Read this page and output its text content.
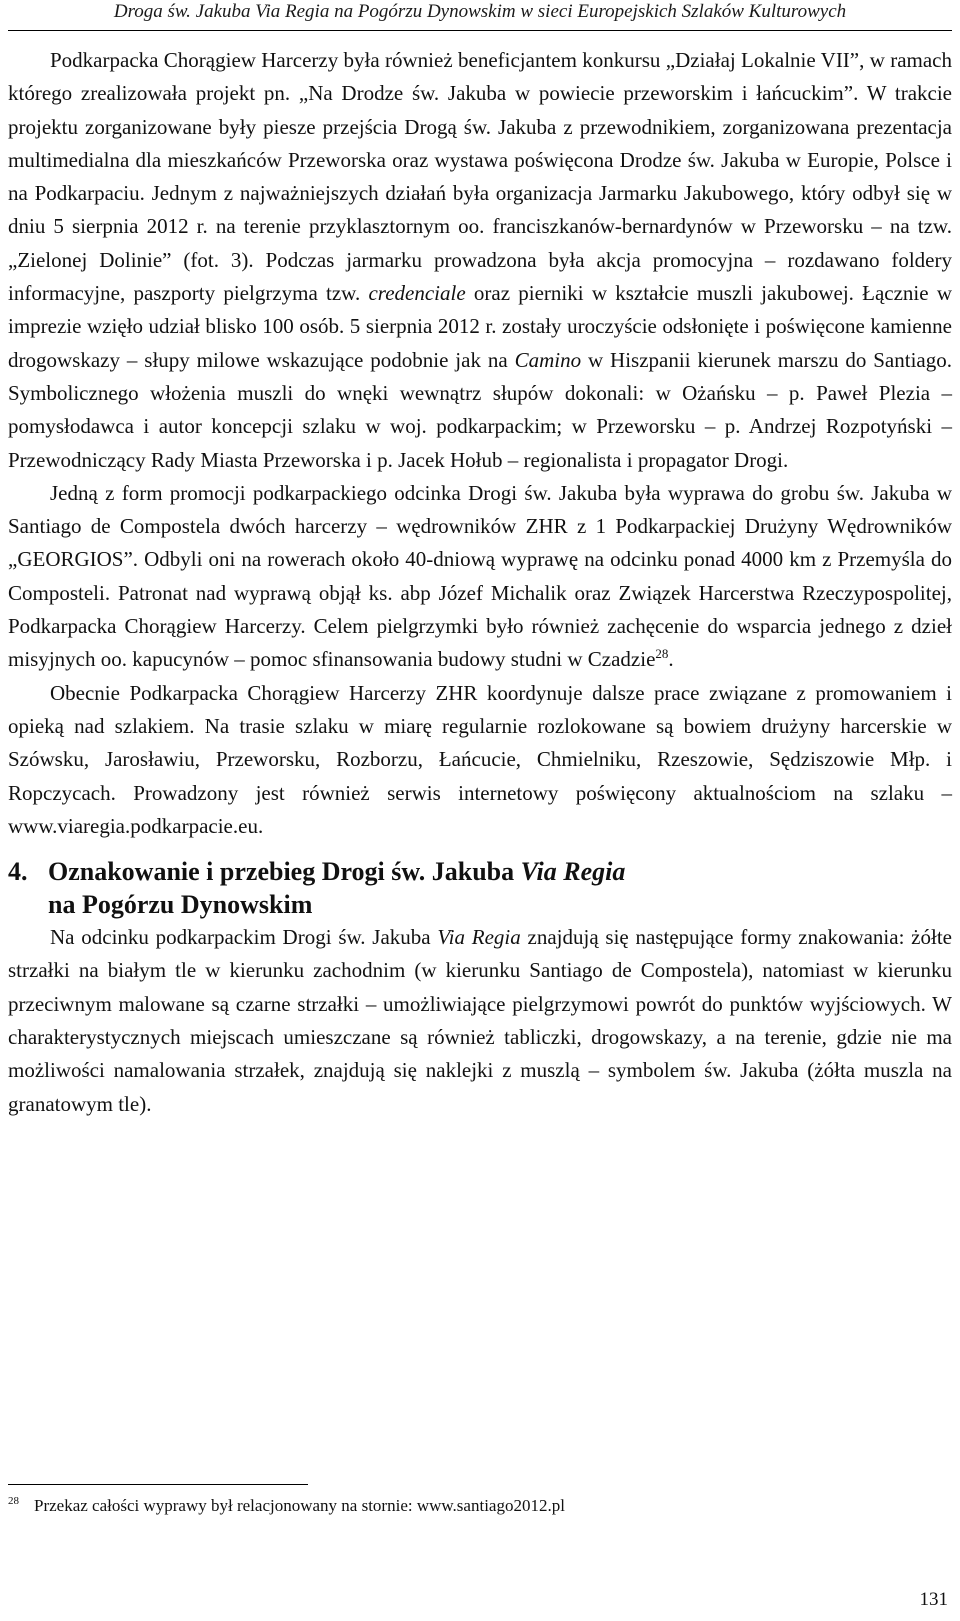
Droga św. Jakuba Via Regia na Pogórzu Dynowskim w sieci Europejskich Szlaków Kulturowych

Podkarpacka Chorągiew Harcerzy była również beneficjantem konkursu „Działaj Lokalnie VII”, w ramach którego zrealizowała projekt pn. „Na Drodze św. Jakuba w powiecie przeworskim i łańcuckim”. W trakcie projektu zorganizowane były piesze przejścia Drogą św. Jakuba z przewodnikiem, zorganizowana prezentacja multimedialna dla mieszkańców Przeworska oraz wystawa poświęcona Drodze św. Jakuba w Europie, Polsce i na Podkarpaciu. Jednym z najważniejszych działań była organizacja Jarmarku Jakubowego, który odbył się w dniu 5 sierpnia 2012 r. na terenie przyklasztornym oo. franciszkanów-bernardynów w Przeworsku – na tzw. „Zielonej Dolinie” (fot. 3). Podczas jarmarku prowadzona była akcja promocyjna – rozdawano foldery informacyjne, paszporty pielgrzyma tzw. credenciale oraz pierniki w kształcie muszli jakubowej. Łącznie w imprezie wzięło udział blisko 100 osób. 5 sierpnia 2012 r. zostały uroczyście odsłonięte i poświęcone kamienne drogowskazy – słupy milowe wskazujące podobnie jak na Camino w Hiszpanii kierunek marszu do Santiago. Symbolicznego włożenia muszli do wnęki wewnątrz słupów dokonali: w Ożańsku – p. Paweł Plezia – pomysłodawca i autor koncepcji szlaku w woj. podkarpackim; w Przeworsku – p. Andrzej Rozpotyński – Przewodniczący Rady Miasta Przeworska i p. Jacek Hołub – regionalista i propagator Drogi.

Jedną z form promocji podkarpackiego odcinka Drogi św. Jakuba była wyprawa do grobu św. Jakuba w Santiago de Compostela dwóch harcerzy – wędrowników ZHR z 1 Podkarpackiej Drużyny Wędrowników „GEORGIOS”. Odbyli oni na rowerach około 40-dniową wyprawę na odcinku ponad 4000 km z Przemyśla do Composteli. Patronat nad wyprawą objął ks. abp Józef Michalik oraz Związek Harcerstwa Rzeczypospolitej, Podkarpacka Chorągiew Harcerzy. Celem pielgrzymki było również zachęcenie do wsparcia jednego z dzieł misyjnych oo. kapucynów – pomoc sfinansowania budowy studni w Czadzie$^{28}$.

Obecnie Podkarpacka Chorągiew Harcerzy ZHR koordynuje dalsze prace związane z promowaniem i opieką nad szlakiem. Na trasie szlaku w miarę regularnie rozlokowane są bowiem drużyny harcerskie w Szówsku, Jarosławiu, Przeworsku, Rozborzu, Łańcucie, Chmielniku, Rzeszowie, Sędziszowie Młp. i Ropczycach. Prowadzony jest również serwis internetowy poświęcony aktualnościom na szlaku – www.viaregia.podkarpacie.eu.

4. Oznakowanie i przebieg Drogi św. Jakuba Via Regia
na Pogórzu Dynowskim

Na odcinku podkarpackim Drogi św. Jakuba Via Regia znajdują się następujące formy znakowania: żółte strzałki na białym tle w kierunku zachodnim (w kierunku Santiago de Compostela), natomiast w kierunku przeciwnym malowane są czarne strzałki – umożliwiające pielgrzymowi powrót do punktów wyjściowych. W charakterystycznych miejscach umieszczane są również tabliczki, drogowskazy, a na terenie, gdzie nie ma możliwości namalowania strzałek, znajdują się naklejki z muszlą – symbolem św. Jakuba (żółta muszla na granatowym tle).

28 Przekaz całości wyprawy był relacjonowany na stornie: www.santiago2012.pl
131
